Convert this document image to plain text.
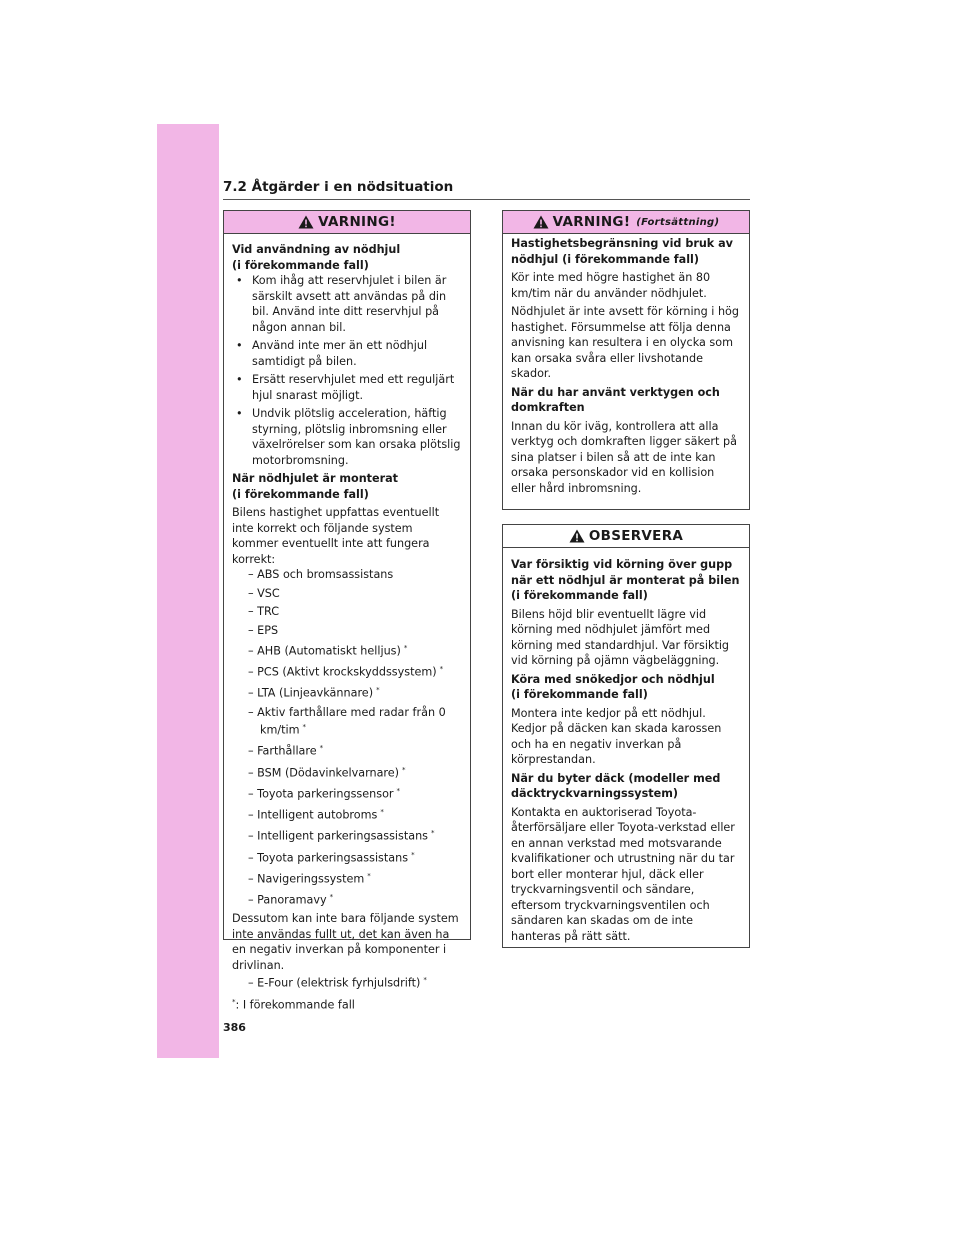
7.2 Åtgärder i en nödsituation
VARNING!

Vid användning av nödhjul

(i förekommande fall)

• Kom ihåg att reservhjulet i bilen är särskilt avsett att användas på din bil. Använd inte ditt reservhjul på någon annan bil.

• Använd inte mer än ett nödhjul samtidigt på bilen.

• Ersätt reservhjulet med ett reguljärt hjul snarast möjligt.

• Undvik plötslig acceleration, häftig styrning, plötslig inbromsning eller växelrörelser som kan orsaka plötslig motorbromsning.

När nödhjulet är monterat

(i förekommande fall)

Bilens hastighet uppfattas eventuellt inte korrekt och följande system kommer eventuellt inte att fungera korrekt:

– ABS och bromsassistans

– VSC

– TRC

– EPS

– AHB (Automatiskt helljus) *

– PCS (Aktivt krockskyddssystem) *

– LTA (Linjeavkännare) *

– Aktiv farthållare med radar från 0 km/tim *

– Farthållare *

– BSM (Dödavinkelvarnare) *

– Toyota parkeringssensor *

– Intelligent autobroms *

– Intelligent parkeringsassistans *

– Toyota parkeringsassistans *

– Navigeringssystem *

– Panoramavy *

Dessutom kan inte bara följande system inte användas fullt ut, det kan även ha en negativ inverkan på komponenter i drivlinan.

– E-Four (elektrisk fyrhjulsdrift) *

*: I förekommande fall

VARNING! (Fortsättning)

Hastighetsbegränsning vid bruk av

nödhjul (i förekommande fall)

Kör inte med högre hastighet än 80 km/tim när du använder nödhjulet.

Nödhjulet är inte avsett för körning i hög hastighet. Försummelse att följa denna anvisning kan resultera i en olycka som kan orsaka svåra eller livshotande skador.

När du har använt verktygen och

domkraften

Innan du kör iväg, kontrollera att alla verktyg och domkraften ligger säkert på sina platser i bilen så att de inte kan orsaka personskador vid en kollision eller hård inbromsning.

OBSERVERA

Var försiktig vid körning över gupp

när ett nödhjul är monterat på bilen

(i förekommande fall)

Bilens höjd blir eventuellt lägre vid körning med nödhjulet jämfört med körning med standardhjul. Var försiktig vid körning på ojämn vägbeläggning.

Köra med snökedjor och nödhjul

(i förekommande fall)

Montera inte kedjor på ett nödhjul. Kedjor på däcken kan skada karossen och ha en negativ inverkan på körprestandan.

När du byter däck (modeller med

däcktryckvarningssystem)

Kontakta en auktoriserad Toyota-återförsäljare eller Toyota-verkstad eller en annan verkstad med motsvarande kvalifikationer och utrustning när du tar bort eller monterar hjul, däck eller tryckvarningsventil och sändare, eftersom tryckvarningsventilen och sändaren kan skadas om de inte hanteras på rätt sätt.

386
